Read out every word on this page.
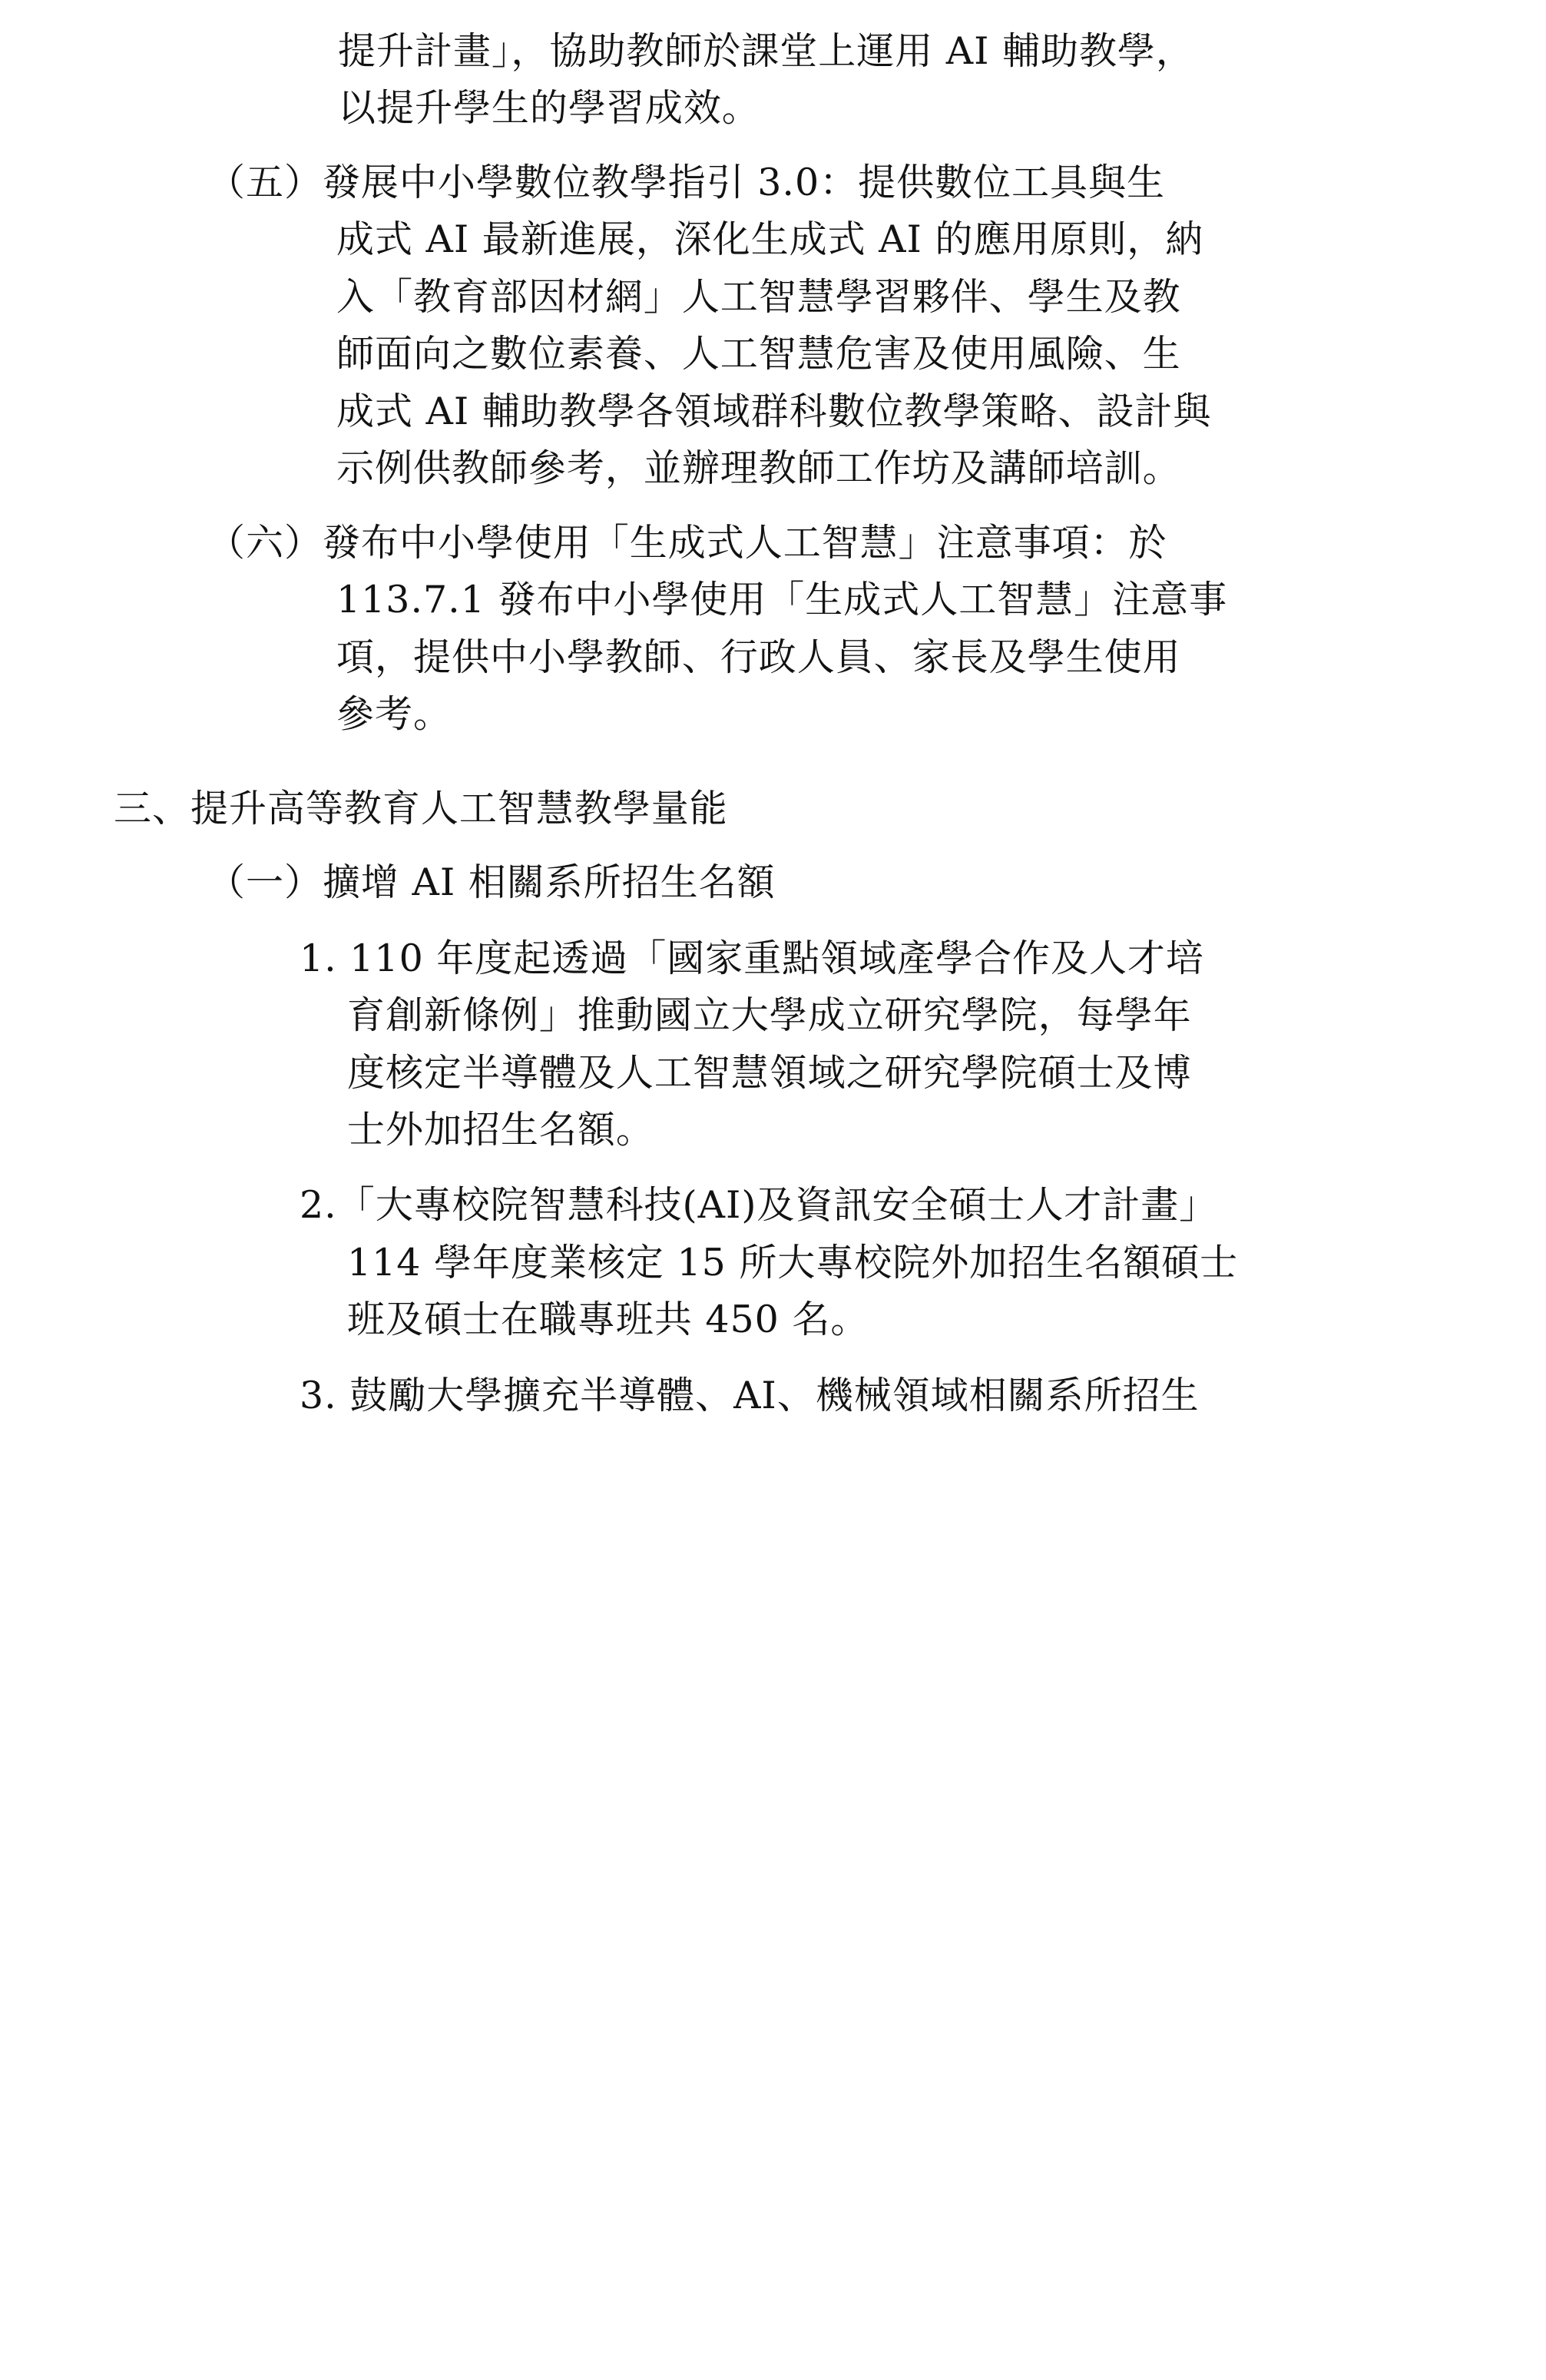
提升計畫」，協助教師於課堂上運用 AI 輔助教學，
以提升學生的學習成效。
（五）發展中小學數位教學指引 3.0：提供數位工具與生
成式 AI 最新進展，深化生成式 AI 的應用原則，納
入「教育部因材網」人工智慧學習夥伴、學生及教
師面向之數位素養、人工智慧危害及使用風險、生
成式 AI 輔助教學各領域群科數位教學策略、設計與
示例供教師參考，並辦理教師工作坊及講師培訓。
（六）發布中小學使用「生成式人工智慧」注意事項：於
113.7.1 發布中小學使用「生成式人工智慧」注意事
項，提供中小學教師、行政人員、家長及學生使用
參考。
三、提升高等教育人工智慧教學量能
（一）擴增 AI 相關系所招生名額
1. 110 年度起透過「國家重點領域產學合作及人才培
育創新條例」推動國立大學成立研究學院，每學年
度核定半導體及人工智慧領域之研究學院碩士及博
士外加招生名額。
2.「大專校院智慧科技(AI)及資訊安全碩士人才計畫」
114 學年度業核定 15 所大專校院外加招生名額碩士
班及碩士在職專班共 450 名。
3. 鼓勵大學擴充半導體、AI、機械領域相關系所招生
